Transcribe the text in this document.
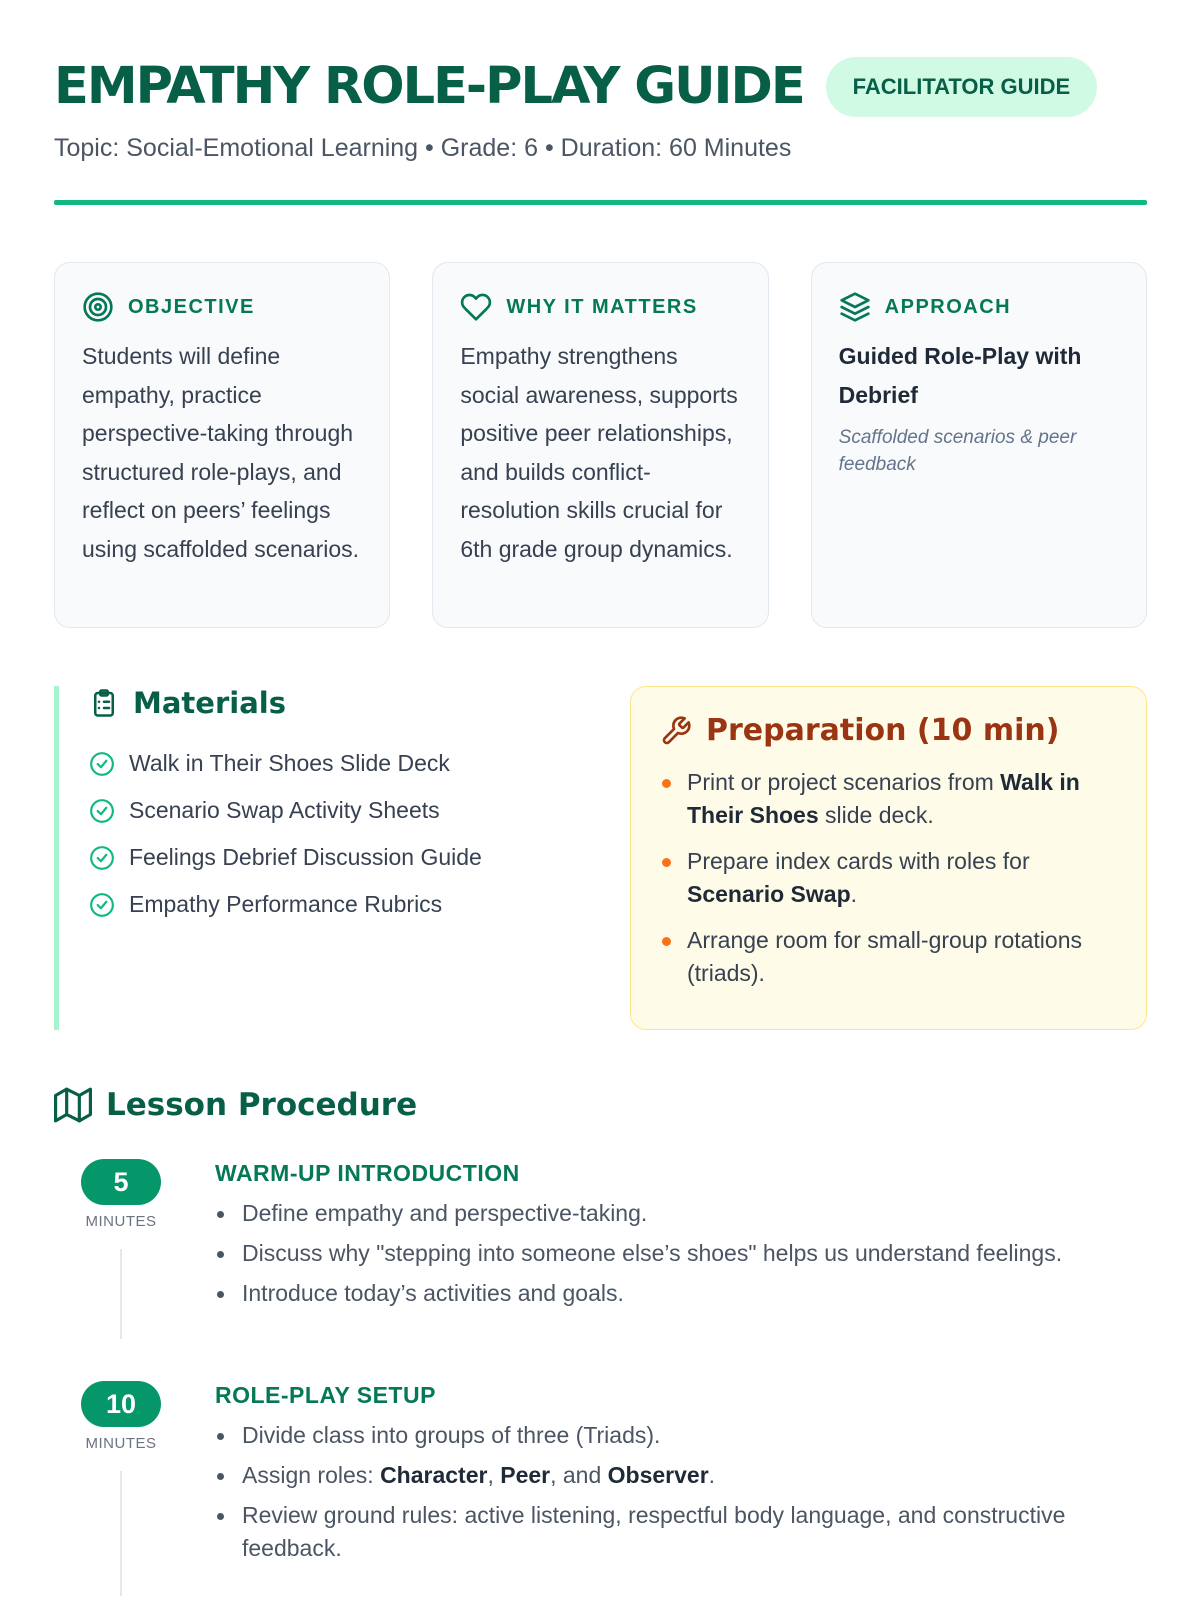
EMPATHY ROLE-PLAY GUIDE	FACILITATOR GUIDE
Topic: Social-Emotional Learning • Grade: 6 • Duration: 60 Minutes
OBJECTIVE

Students will define empathy, practice perspective-taking through structured role-plays, and reflect on peers’ feelings using scaffolded scenarios.

WHY IT MATTERS

Empathy strengthens social awareness, supports positive peer relationships, and builds conflict-resolution skills crucial for 6th grade group dynamics.

APPROACH

Guided Role-Play with Debrief

Scaffolded scenarios & peer feedback

Materials
Walk in Their Shoes Slide Deck
Scenario Swap Activity Sheets
Feelings Debrief Discussion Guide
Empathy Performance Rubrics
Preparation (10 min)
Print or project scenarios from Walk in Their Shoes slide deck.
Prepare index cards with roles for Scenario Swap.
Arrange room for small-group rotations (triads).
Lesson Procedure
5
MINUTES
WARM-UP INTRODUCTION
Define empathy and perspective-taking.
Discuss why "stepping into someone else’s shoes" helps us understand feelings.
Introduce today’s activities and goals.
10
MINUTES
ROLE-PLAY SETUP
Divide class into groups of three (Triads).
Assign roles: Character, Peer, and Observer.
Review ground rules: active listening, respectful body language, and constructive feedback.
